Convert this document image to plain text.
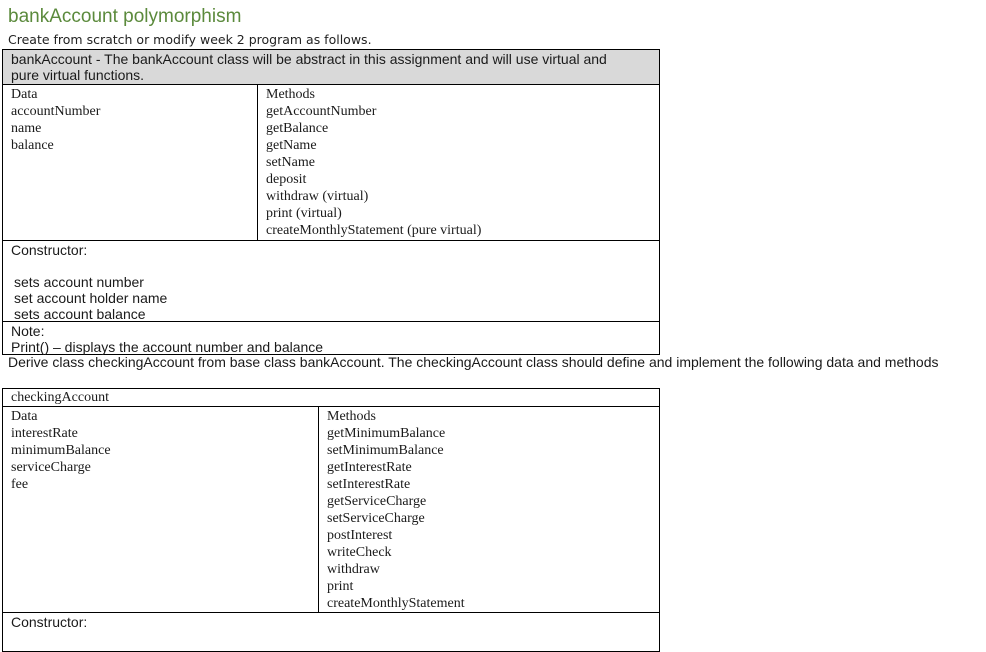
bankAccount polymorphism
Create from scratch or modify week 2 program as follows.
bankAccount - The bankAccount class will be abstract in this assignment and will use virtual and
pure virtual functions.
Data
accountNumber
name
balance
Methods
getAccountNumber
getBalance
getName
setName
deposit
withdraw (virtual)
print (virtual)
createMonthlyStatement (pure virtual)
Constructor:
sets account number
set account holder name
sets account balance
Note:
Print() – displays the account number and balance
Derive class checkingAccount from base class bankAccount. The checkingAccount class should define and implement the following data and methods
checkingAccount
Data
interestRate
minimumBalance
serviceCharge
fee
Methods
getMinimumBalance
setMinimumBalance
getInterestRate
setInterestRate
getServiceCharge
setServiceCharge
postInterest
writeCheck
withdraw
print
createMonthlyStatement
Constructor:
